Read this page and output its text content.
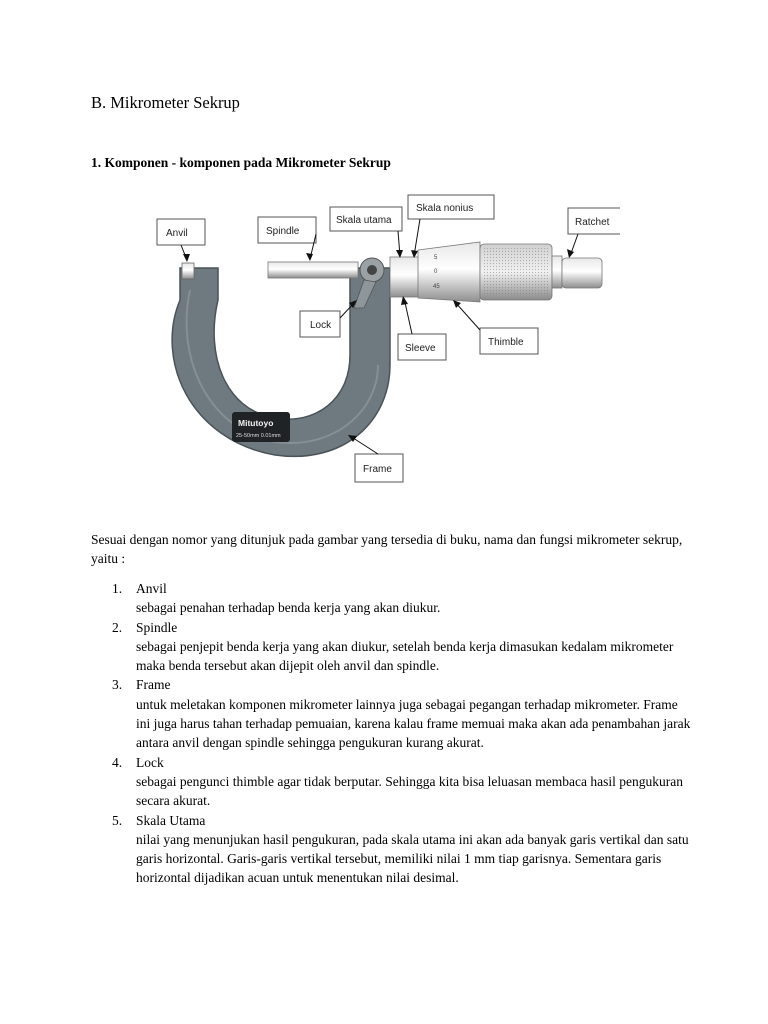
B. Mikrometer Sekrup
1. Komponen - komponen pada Mikrometer Sekrup
5
0
45
Mitutoyo
25-50mm 0.01mm
Anvil	Spindle
Skala utama
Skala nonius
Ratchet
Lock
Sleeve
Thimble
Frame
Sesuai dengan nomor yang ditunjuk pada gambar yang tersedia di buku, nama dan fungsi mikrometer sekrup, yaitu :
1. Anvil
sebagai penahan terhadap benda kerja yang akan diukur.
2. Spindle
sebagai penjepit benda kerja yang akan diukur, setelah benda kerja dimasukan kedalam mikrometer maka benda tersebut akan dijepit oleh anvil dan spindle.
3. Frame
untuk meletakan komponen mikrometer lainnya juga sebagai pegangan terhadap mikrometer. Frame ini juga harus tahan terhadap pemuaian, karena kalau frame memuai maka akan ada penambahan jarak antara anvil dengan spindle sehingga pengukuran kurang akurat.
4. Lock
sebagai pengunci thimble agar tidak berputar. Sehingga kita bisa leluasan membaca hasil pengukuran secara akurat.
5. Skala Utama
nilai yang menunjukan hasil pengukuran, pada skala utama ini akan ada banyak garis vertikal dan satu garis horizontal. Garis-garis vertikal tersebut, memiliki nilai 1 mm tiap garisnya. Sementara garis horizontal dijadikan acuan untuk menentukan nilai desimal.
